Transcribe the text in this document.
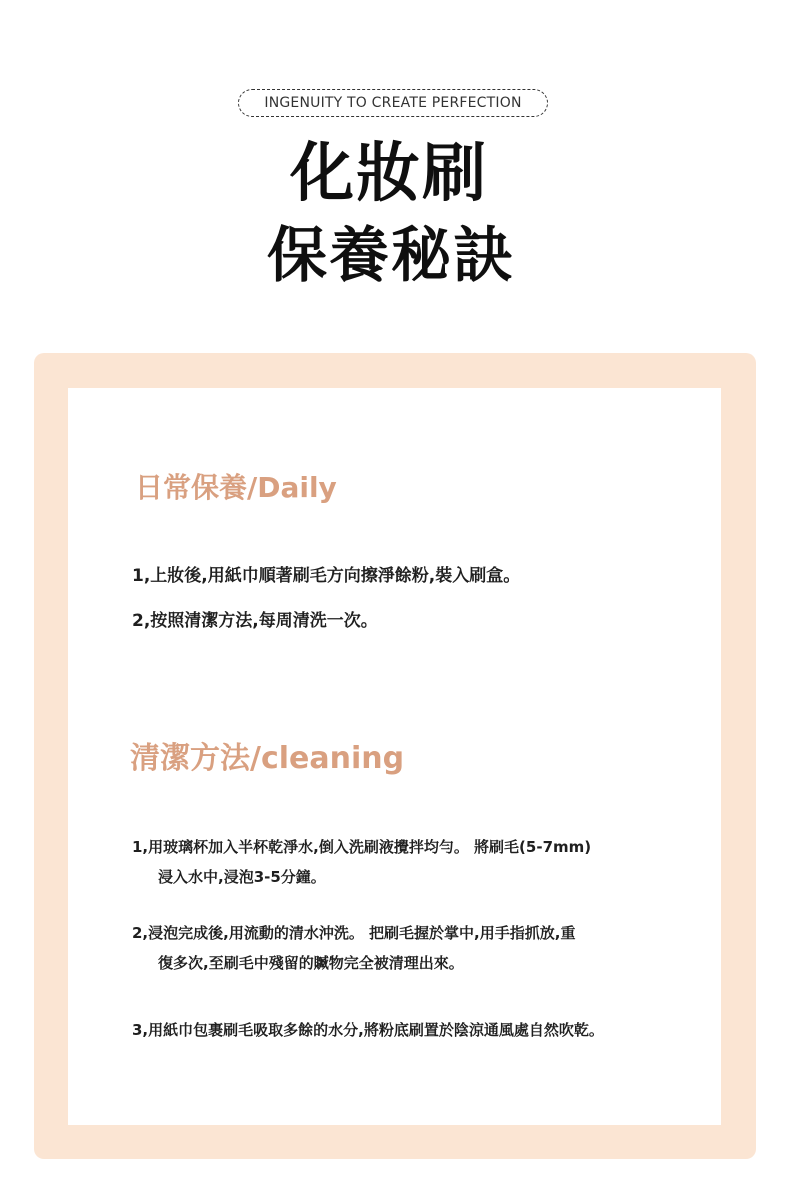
INGENUITY TO CREATE PERFECTION
化妝刷
保養秘訣
日常保養/Daily
1,上妝後,用紙巾順著刷毛方向擦淨餘粉,裝入刷盒。
2,按照清潔方法,每周清洗一次。
清潔方法/cleaning
1,用玻璃杯加入半杯乾淨水,倒入洗刷液攪拌均勻。 將刷毛(5-7mm)
浸入水中,浸泡3-5分鐘。
2,浸泡完成後,用流動的清水沖洗。 把刷毛握於掌中,用手指抓放,重
復多次,至刷毛中殘留的贓物完全被清理出來。
3,用紙巾包裹刷毛吸取多餘的水分,將粉底刷置於陰涼通風處自然吹乾。
